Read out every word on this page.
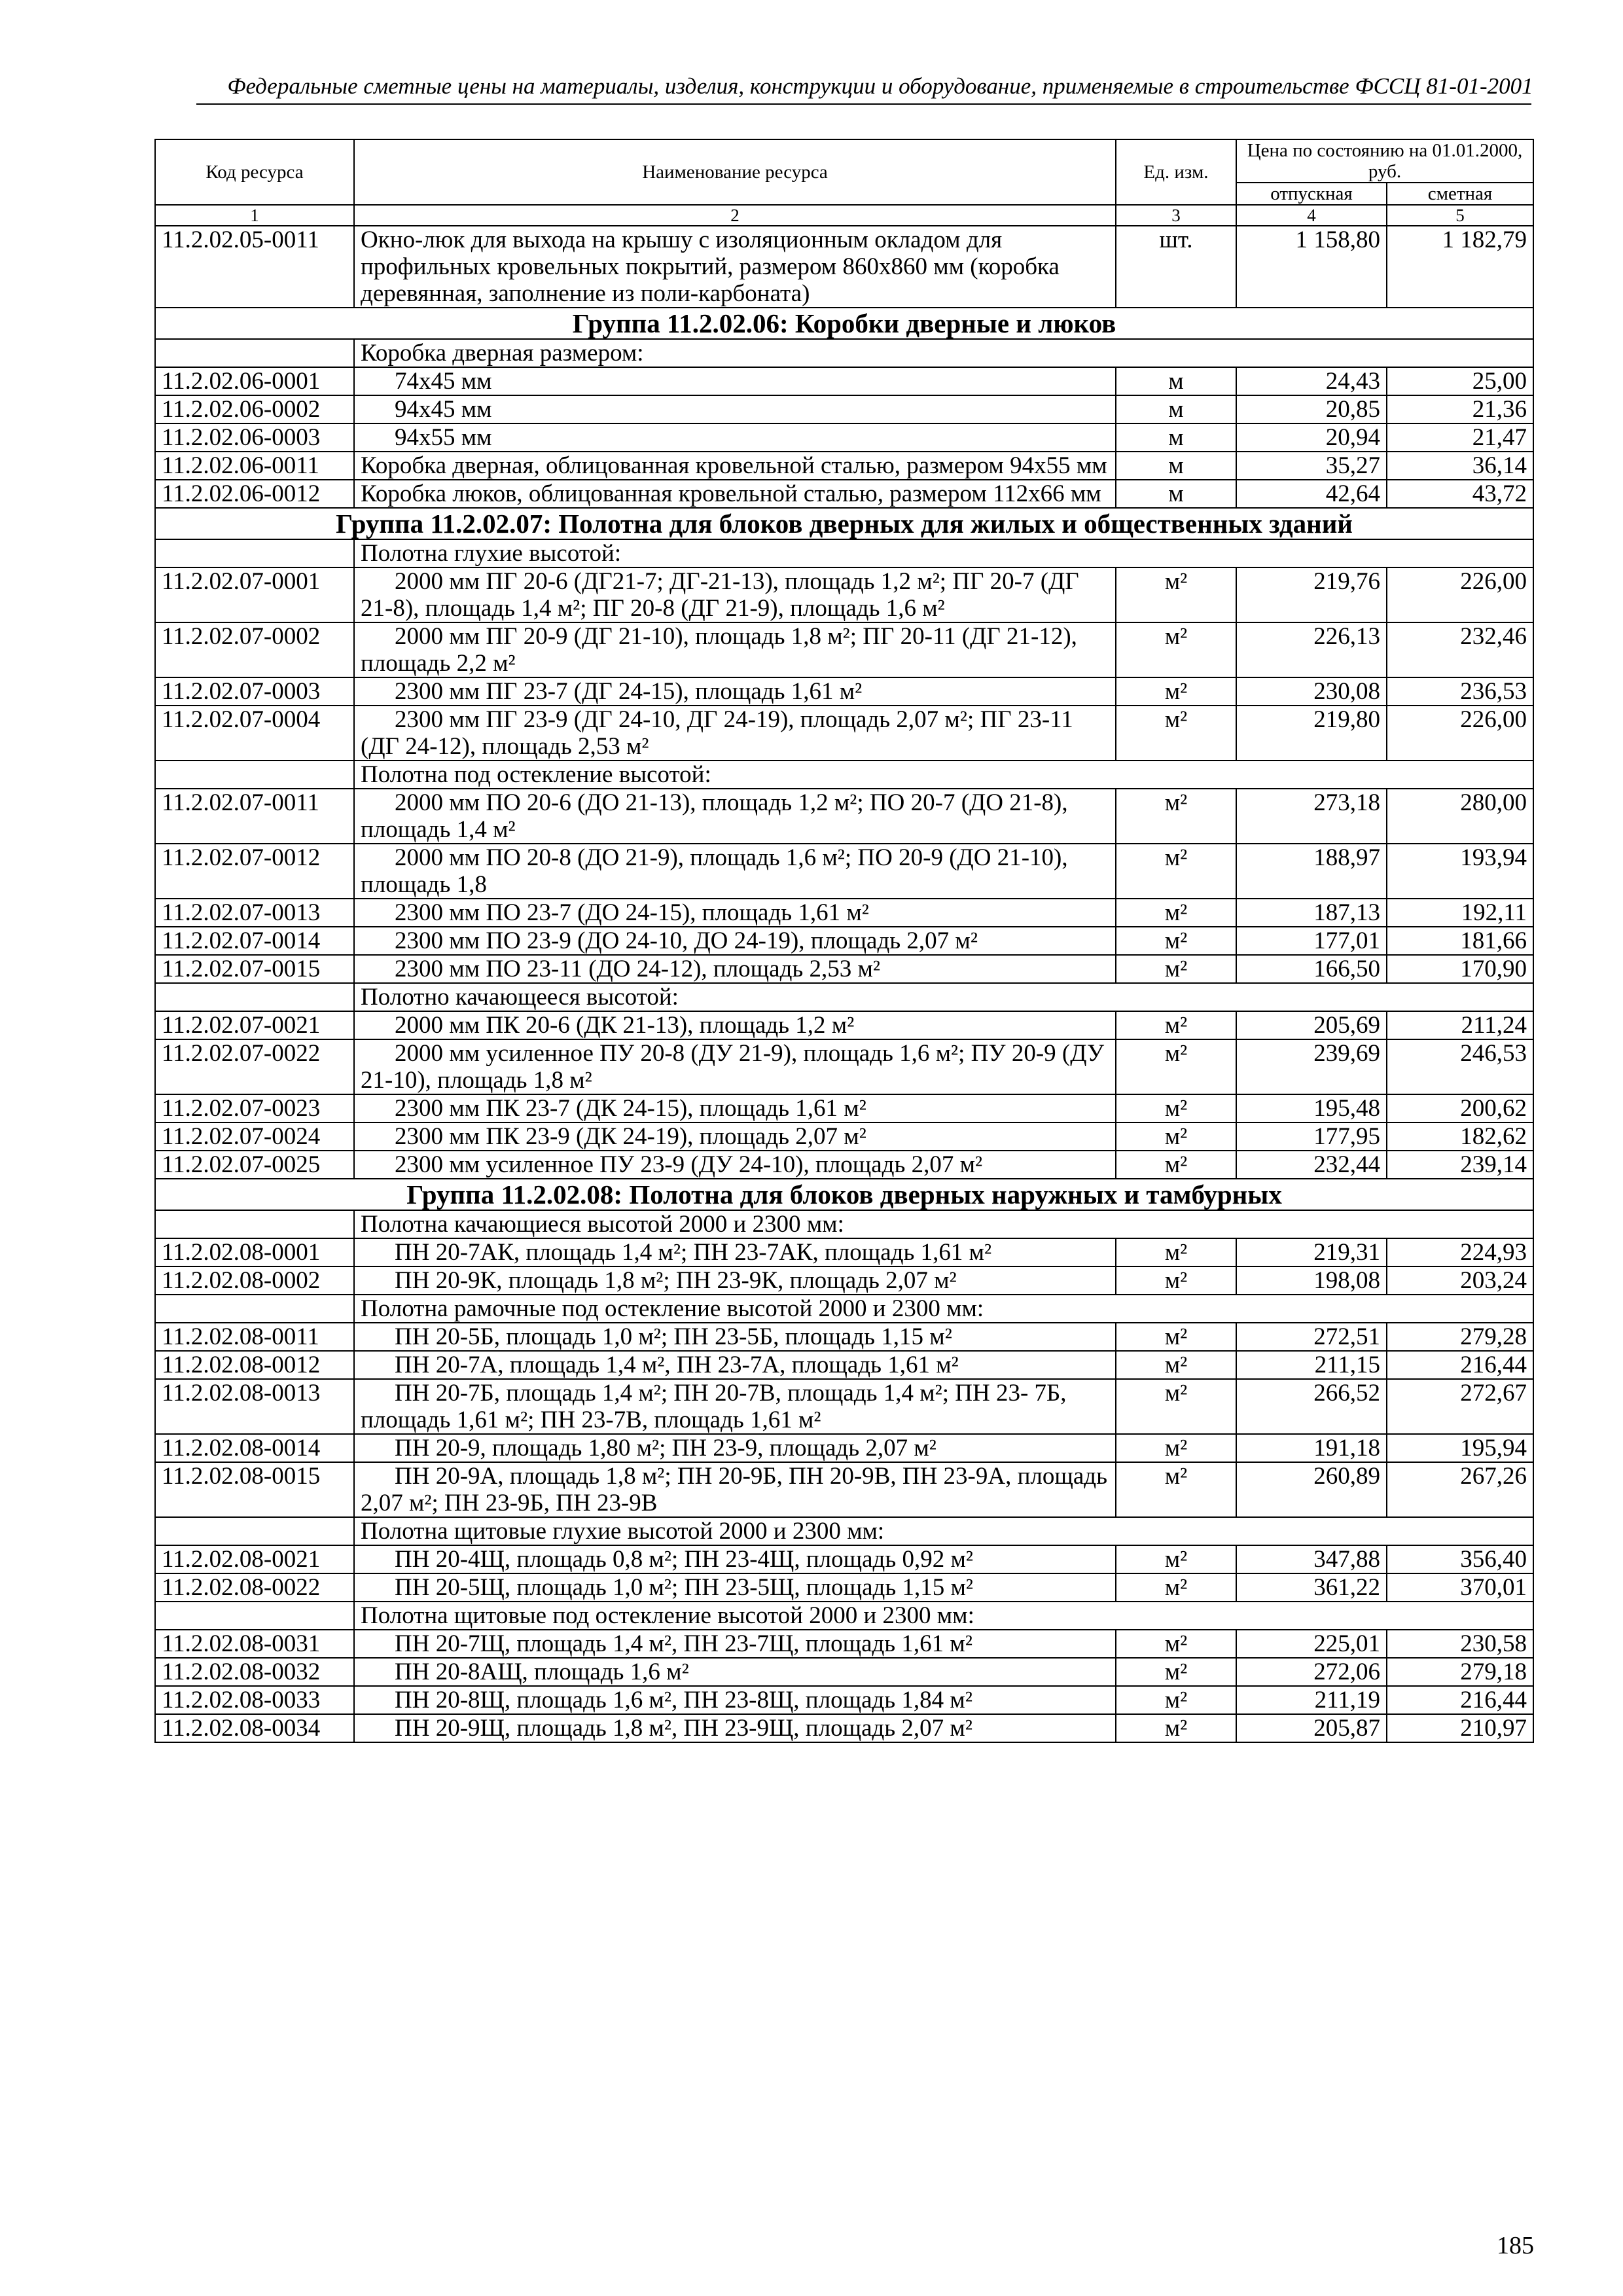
Федеральные сметные цены на материалы, изделия, конструкции и оборудование, применяемые в строительстве ФССЦ 81-01-2001
Код ресурса	Наименование ресурса	Ед. изм.	Цена по состоянию на 01.01.2000, руб.	
			отпускная	сметная
1	2	3	4	5
11.2.02.05-0011	Окно-люк для выхода на крышу с изоляционным окладом для профильных кровельных покрытий, размером 860х860 мм (коробка деревянная, заполнение из поли-карбоната)	шт.	1 158,80	1 182,79
Группа 11.2.02.06: Коробки дверные и люков				
	Коробка дверная размером:			
11.2.02.06-0001	74х45 мм	м	24,43	25,00
11.2.02.06-0002	94х45 мм	м	20,85	21,36
11.2.02.06-0003	94х55 мм	м	20,94	21,47
11.2.02.06-0011	Коробка дверная, облицованная кровельной сталью, размером 94х55 мм	м	35,27	36,14
11.2.02.06-0012	Коробка люков, облицованная кровельной сталью, размером 112х66 мм	м	42,64	43,72
Группа 11.2.02.07: Полотна для блоков дверных для жилых и общественных зданий				
	Полотна глухие высотой:			
11.2.02.07-0001	2000 мм ПГ 20-6 (ДГ21-7; ДГ-21-13), площадь 1,2 м²; ПГ 20-7 (ДГ 21-8), площадь 1,4 м²; ПГ 20-8 (ДГ 21-9), площадь 1,6 м²	м²	219,76	226,00
11.2.02.07-0002	2000 мм ПГ 20-9 (ДГ 21-10), площадь 1,8 м²; ПГ 20-11 (ДГ 21-12), площадь 2,2 м²	м²	226,13	232,46
11.2.02.07-0003	2300 мм ПГ 23-7 (ДГ 24-15), площадь 1,61 м²	м²	230,08	236,53
11.2.02.07-0004	2300 мм ПГ 23-9 (ДГ 24-10, ДГ 24-19), площадь 2,07 м²; ПГ 23-11 (ДГ 24-12), площадь 2,53 м²	м²	219,80	226,00
	Полотна под остекление высотой:			
11.2.02.07-0011	2000 мм ПО 20-6 (ДО 21-13), площадь 1,2 м²; ПО 20-7 (ДО 21-8), площадь 1,4 м²	м²	273,18	280,00
11.2.02.07-0012	2000 мм ПО 20-8 (ДО 21-9), площадь 1,6 м²; ПО 20-9 (ДО 21-10), площадь 1,8	м²	188,97	193,94
11.2.02.07-0013	2300 мм ПО 23-7 (ДО 24-15), площадь 1,61 м²	м²	187,13	192,11
11.2.02.07-0014	2300 мм ПО 23-9 (ДО 24-10, ДО 24-19), площадь 2,07 м²	м²	177,01	181,66
11.2.02.07-0015	2300 мм ПО 23-11 (ДО 24-12), площадь 2,53 м²	м²	166,50	170,90
	Полотно качающееся высотой:			
11.2.02.07-0021	2000 мм ПК 20-6 (ДК 21-13), площадь 1,2 м²	м²	205,69	211,24
11.2.02.07-0022	2000 мм усиленное ПУ 20-8 (ДУ 21-9), площадь 1,6 м²; ПУ 20-9 (ДУ 21-10), площадь 1,8 м²	м²	239,69	246,53
11.2.02.07-0023	2300 мм ПК 23-7 (ДК 24-15), площадь 1,61 м²	м²	195,48	200,62
11.2.02.07-0024	2300 мм ПК 23-9 (ДК 24-19), площадь 2,07 м²	м²	177,95	182,62
11.2.02.07-0025	2300 мм усиленное ПУ 23-9 (ДУ 24-10), площадь 2,07 м²	м²	232,44	239,14
Группа 11.2.02.08: Полотна для блоков дверных наружных и тамбурных				
	Полотна качающиеся высотой 2000 и 2300 мм:			
11.2.02.08-0001	ПН 20-7АК, площадь 1,4 м²; ПН 23-7АК, площадь 1,61 м²	м²	219,31	224,93
11.2.02.08-0002	ПН 20-9К, площадь 1,8 м²; ПН 23-9К, площадь 2,07 м²	м²	198,08	203,24
	Полотна рамочные под остекление высотой 2000 и 2300 мм:			
11.2.02.08-0011	ПН 20-5Б, площадь 1,0 м²; ПН 23-5Б, площадь 1,15 м²	м²	272,51	279,28
11.2.02.08-0012	ПН 20-7А, площадь 1,4 м², ПН 23-7А, площадь 1,61 м²	м²	211,15	216,44
11.2.02.08-0013	ПН 20-7Б, площадь 1,4 м²; ПН 20-7В, площадь 1,4 м²; ПН 23- 7Б, площадь 1,61 м²; ПН 23-7В, площадь 1,61 м²	м²	266,52	272,67
11.2.02.08-0014	ПН 20-9, площадь 1,80 м²; ПН 23-9, площадь 2,07 м²	м²	191,18	195,94
11.2.02.08-0015	ПН 20-9А, площадь 1,8 м²; ПН 20-9Б, ПН 20-9В, ПН 23-9А, площадь 2,07 м²; ПН 23-9Б, ПН 23-9В	м²	260,89	267,26
	Полотна щитовые глухие высотой 2000 и 2300 мм:			
11.2.02.08-0021	ПН 20-4Щ, площадь 0,8 м²; ПН 23-4Щ, площадь 0,92 м²	м²	347,88	356,40
11.2.02.08-0022	ПН 20-5Щ, площадь 1,0 м²; ПН 23-5Щ, площадь 1,15 м²	м²	361,22	370,01
	Полотна щитовые под остекление высотой 2000 и 2300 мм:			
11.2.02.08-0031	ПН 20-7Щ, площадь 1,4 м², ПН 23-7Щ, площадь 1,61 м²	м²	225,01	230,58
11.2.02.08-0032	ПН 20-8АЩ, площадь 1,6 м²	м²	272,06	279,18
11.2.02.08-0033	ПН 20-8Щ, площадь 1,6 м², ПН 23-8Щ, площадь 1,84 м²	м²	211,19	216,44
11.2.02.08-0034	ПН 20-9Щ, площадь 1,8 м², ПН 23-9Щ, площадь 2,07 м²	м²	205,87	210,97
185
